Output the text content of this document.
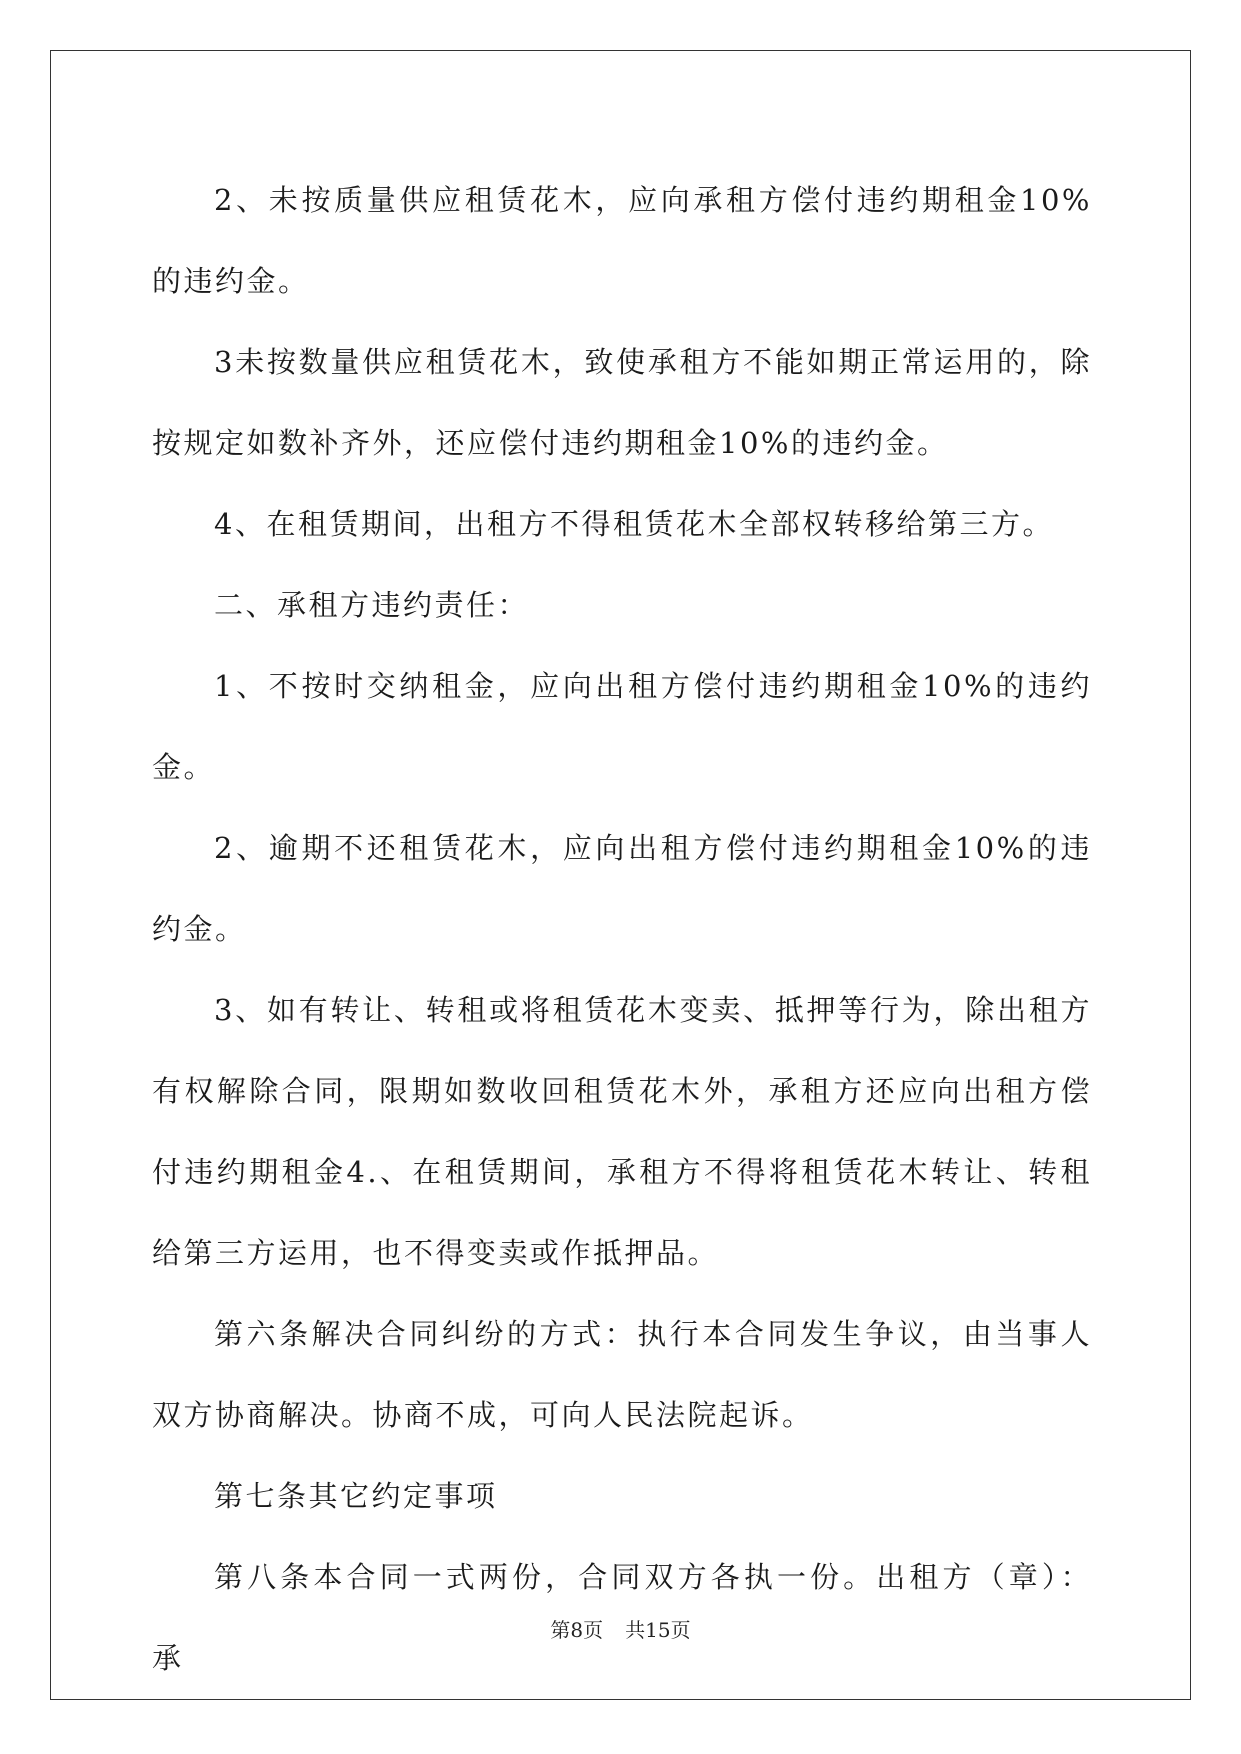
2、未按质量供应租赁花木，应向承租方偿付违约期租金10%的违约金。

3未按数量供应租赁花木，致使承租方不能如期正常运用的，除按规定如数补齐外，还应偿付违约期租金10%的违约金。

4、在租赁期间，出租方不得租赁花木全部权转移给第三方。

二、承租方违约责任：

1、不按时交纳租金，应向出租方偿付违约期租金10%的违约金。

2、逾期不还租赁花木，应向出租方偿付违约期租金10%的违约金。

3、如有转让、转租或将租赁花木变卖、抵押等行为，除出租方有权解除合同，限期如数收回租赁花木外，承租方还应向出租方偿付违约期租金4.、在租赁期间，承租方不得将租赁花木转让、转租给第三方运用，也不得变卖或作抵押品。

第六条解决合同纠纷的方式：执行本合同发生争议，由当事人双方协商解决。协商不成，可向人民法院起诉。

第七条其它约定事项

第八条本合同一式两份，合同双方各执一份。出租方（章）： 承

第8页 共15页
